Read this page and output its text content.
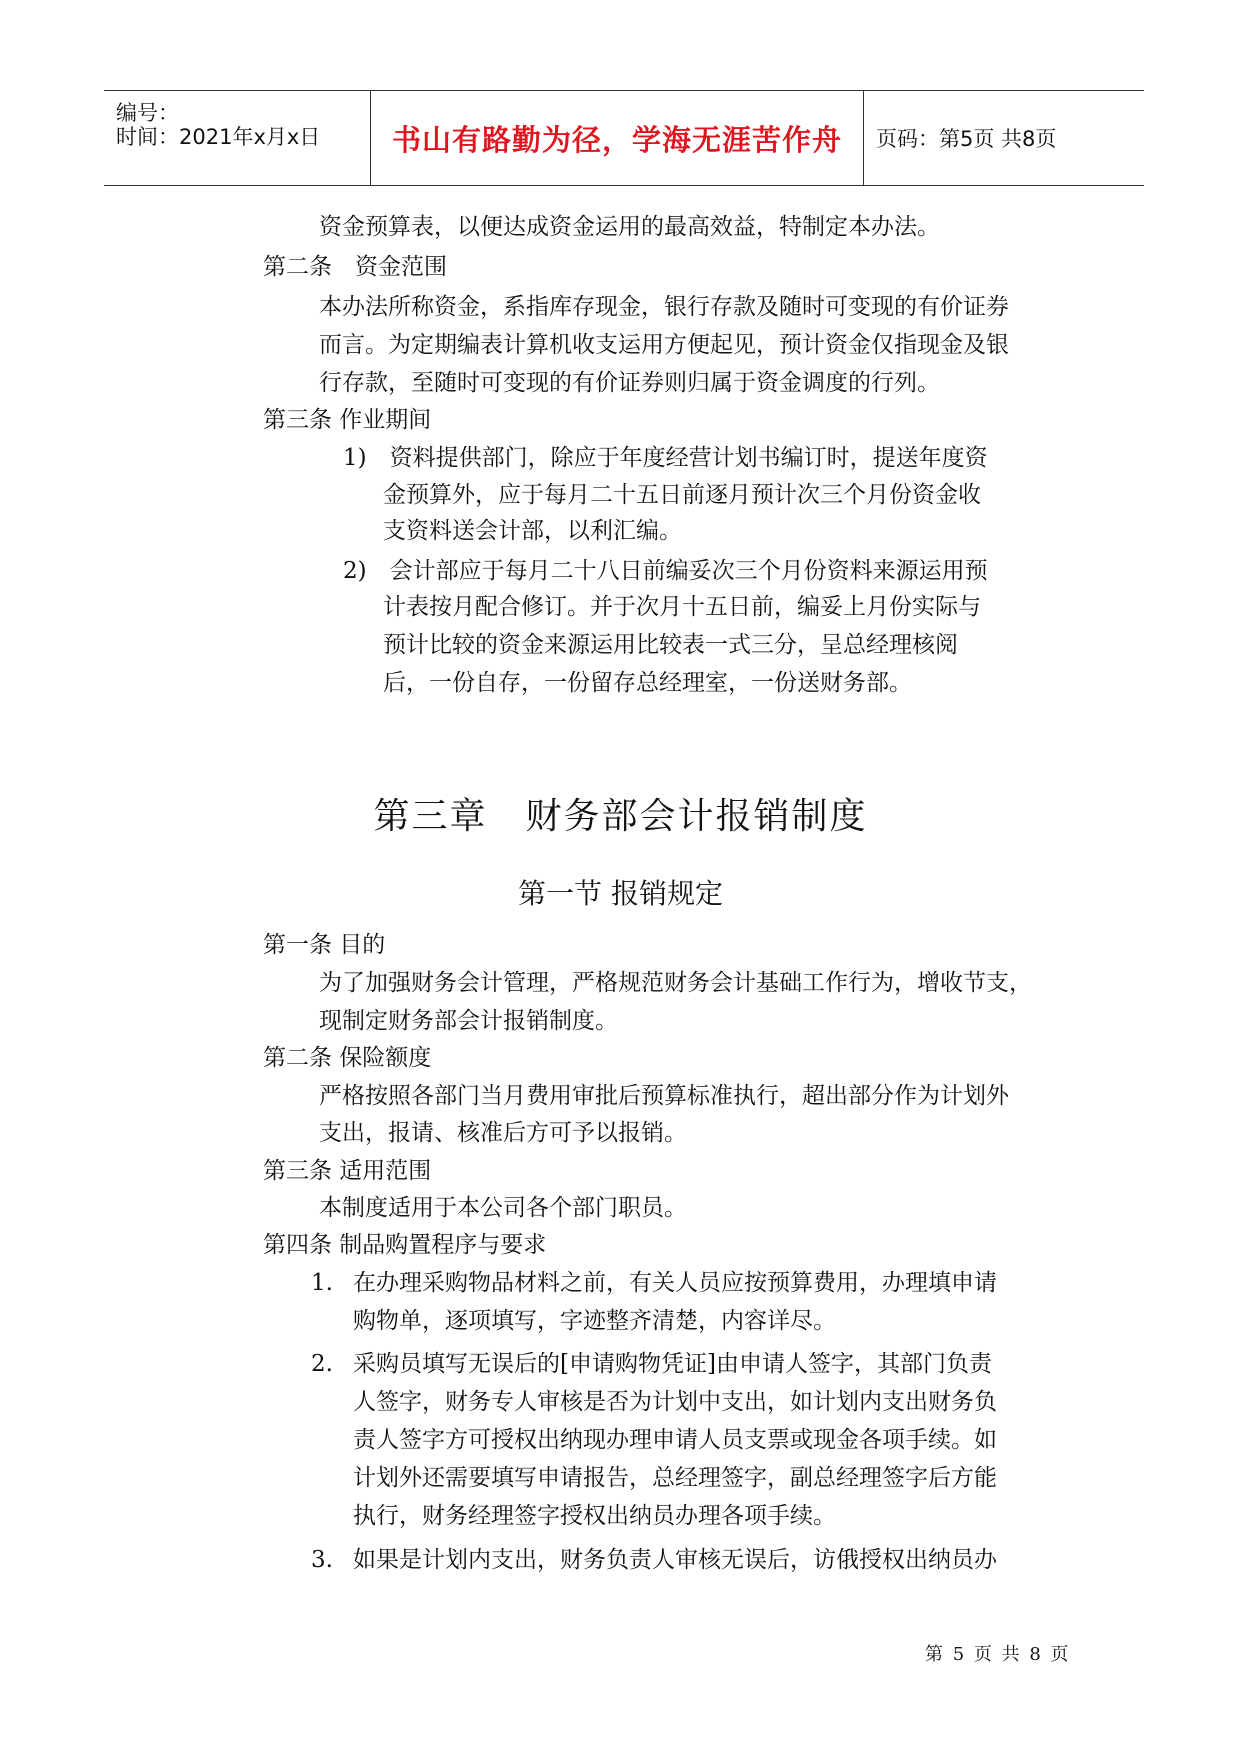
编号：
时间：2021年x月x日 书山有路勤为径，学海无涯苦作舟	页码：第5页 共8页
资金预算表，以便达成资金运用的最高效益，特制定本办法。
第二条　资金范围
本办法所称资金，系指库存现金，银行存款及随时可变现的有价证券
而言。为定期编表计算机收支运用方便起见，预计资金仅指现金及银
行存款，至随时可变现的有价证券则归属于资金调度的行列。
第三条 作业期间
1)　资料提供部门，除应于年度经营计划书编订时，提送年度资
金预算外，应于每月二十五日前逐月预计次三个月份资金收
支资料送会计部，以利汇编。
2)　会计部应于每月二十八日前编妥次三个月份资料来源运用预
计表按月配合修订。并于次月十五日前，编妥上月份实际与
预计比较的资金来源运用比较表一式三分，呈总经理核阅
后，一份自存，一份留存总经理室，一份送财务部。
第三章　财务部会计报销制度
第一节 报销规定
第一条 目的
为了加强财务会计管理，严格规范财务会计基础工作行为，增收节支，
现制定财务部会计报销制度。
第二条 保险额度
严格按照各部门当月费用审批后预算标准执行，超出部分作为计划外
支出，报请、核准后方可予以报销。
第三条 适用范围
本制度适用于本公司各个部门职员。
第四条 制品购置程序与要求
1. 在办理采购物品材料之前，有关人员应按预算费用，办理填申请
购物单，逐项填写，字迹整齐清楚，内容详尽。
2. 采购员填写无误后的[申请购物凭证]由申请人签字，其部门负责
人签字，财务专人审核是否为计划中支出，如计划内支出财务负
责人签字方可授权出纳现办理申请人员支票或现金各项手续。如
计划外还需要填写申请报告，总经理签字，副总经理签字后方能
执行，财务经理签字授权出纳员办理各项手续。
3. 如果是计划内支出，财务负责人审核无误后，访俄授权出纳员办
第 5 页 共 8 页
